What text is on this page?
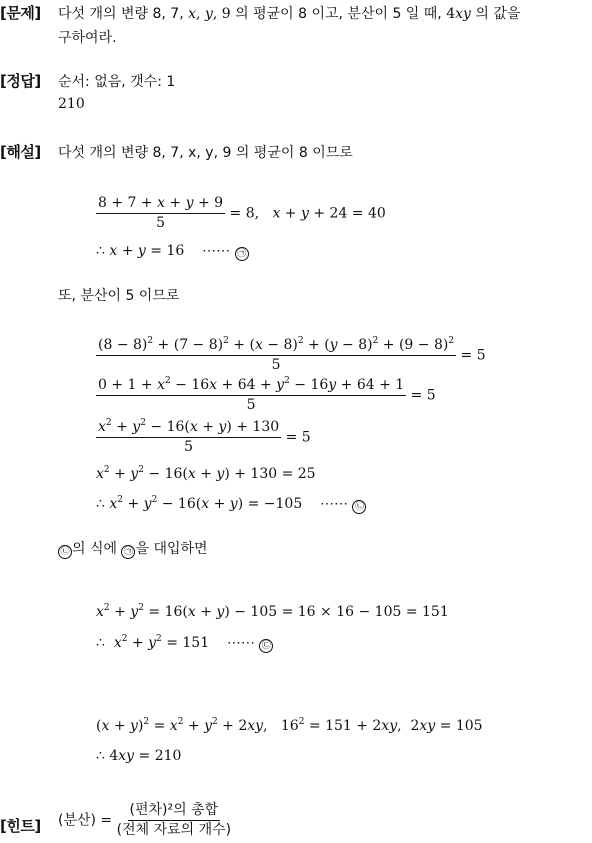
[문제] 다섯 개의 변량 8, 7, x, y, 9 의 평균이 8 이고, 분산이 5 일 때, 4xy 의 값을
구하여라.
[정답] 순서: 없음, 갯수: 1
210
[해설] 다섯 개의 변량 8, 7, x, y, 9 의 평균이 8 이므로
$\frac{8 + 7 + x + y + 9}{5} = 8$,   x + y + 24 = 40
∴ x + y = 16    ⋯⋯ ㉠
또, 분산이 5 이므로
$\frac{(8 - 8)^2 + (7 - 8)^2 + (x - 8)^2 + (y - 8)^2 + (9 - 8)^2}{5} = 5$
$\frac{0 + 1 + x^2 - 16x + 64 + y^2 - 16y + 64 + 1}{5} = 5$
$\frac{x^2 + y^2 - 16(x + y) + 130}{5} = 5$
$x^2 + y^2 - 16(x + y) + 130 = 25$
∴ $x^2 + y^2 - 16(x + y) = -105$    ⋯⋯ ㉡
㉡ 의 식에 ㉠ 을 대입하면
$x^2 + y^2 = 16(x + y) - 105 = 16 \times 16 - 105 = 151$
∴  $x^2 + y^2 = 151$    ⋯⋯ ㉢
$(x + y)^2 = x^2 + y^2 + 2xy$,   $16^2 = 151 + 2xy$,  2xy = 105
∴ 4xy = 210
[힌트] (분산) = $\frac{\text{(편차)²의 총합}}{\text{(전체 자료의 개수)}}$
